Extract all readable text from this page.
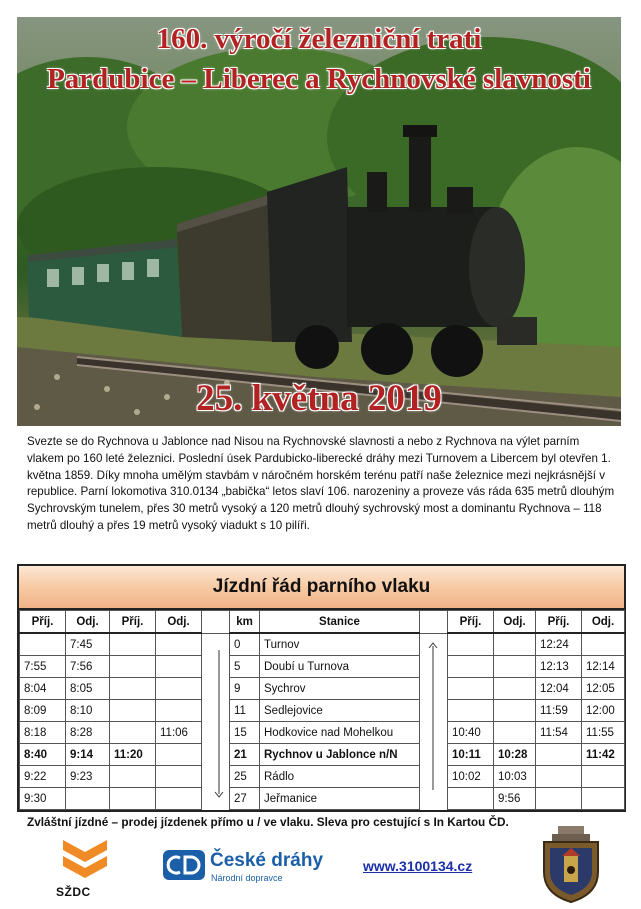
160. výročí železniční trati
Pardubice – Liberec a Rychnovské slavnosti
25. května 2019
Svezte se do Rychnova u Jablonce nad Nisou na Rychnovské slavnosti a nebo z Rychnova na výlet parním vlakem po 160 leté železnici. Poslední úsek Pardubicko-liberecké dráhy mezi Turnovem a Libercem byl otevřen 1. května 1859. Díky mnoha umělým stavbám v náročném horském terénu patří naše železnice mezi nejkrásnější v republice. Parní lokomotiva 310.0134 „babička“ letos slaví 106. narozeniny a proveze vás ráda 635 metrů dlouhým Sychrovským tunelem, přes 30 metrů vysoký a 120 metrů dlouhý sychrovský most a dominantu Rychnova – 118 metrů dlouhý a přes 19 metrů vysoký viadukt s 10 pilíři.
Jízdní řád parního vlaku
Příj.	Odj.	Příj.	Odj.		km	Stanice		Příj.	Odj.	Příj.	Odj.
	7:45				0	Turnov				12:24	
7:55	7:56				5	Doubí u Turnova				12:13	12:14
8:04	8:05				9	Sychrov				12:04	12:05
8:09	8:10				11	Sedlejovice				11:59	12:00
8:18	8:28		11:06		15	Hodkovice nad Mohelkou		10:40		11:54	11:55
8:40	9:14	11:20			21	Rychnov u Jablonce n/N		10:11	10:28		11:42
9:22	9:23				25	Rádlo		10:02	10:03		
9:30					27	Jeřmanice			9:56		
Zvláštní jízdné – prodej jízdenek přímo u / ve vlaku. Sleva pro cestující s In Kartou ČD.
SŽDC
České dráhy
Národní dopravce
www.3100134.cz
